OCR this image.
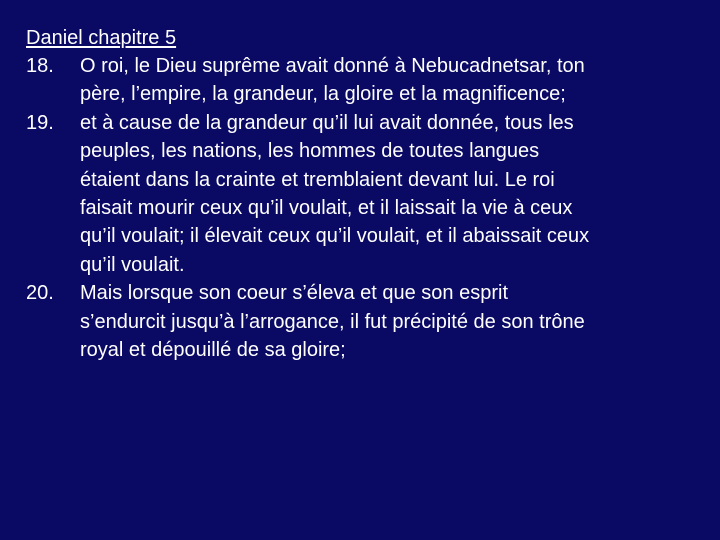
Daniel chapitre 5
18.	O roi, le Dieu suprême avait donné à Nebucadnetsar, ton
père, l’empire, la grandeur, la gloire et la magnificence;
19.	et à cause de la grandeur qu’il lui avait donnée, tous les
peuples, les nations, les hommes de toutes langues
étaient dans la crainte et tremblaient devant lui. Le roi
faisait mourir ceux qu’il voulait, et il laissait la vie à ceux
qu’il voulait; il élevait ceux qu’il voulait, et il abaissait ceux
qu’il voulait.
20.	Mais lorsque son coeur s’éleva et que son esprit
s’endurcit jusqu’à l’arrogance, il fut précipité de son trône
royal et dépouillé de sa gloire;
